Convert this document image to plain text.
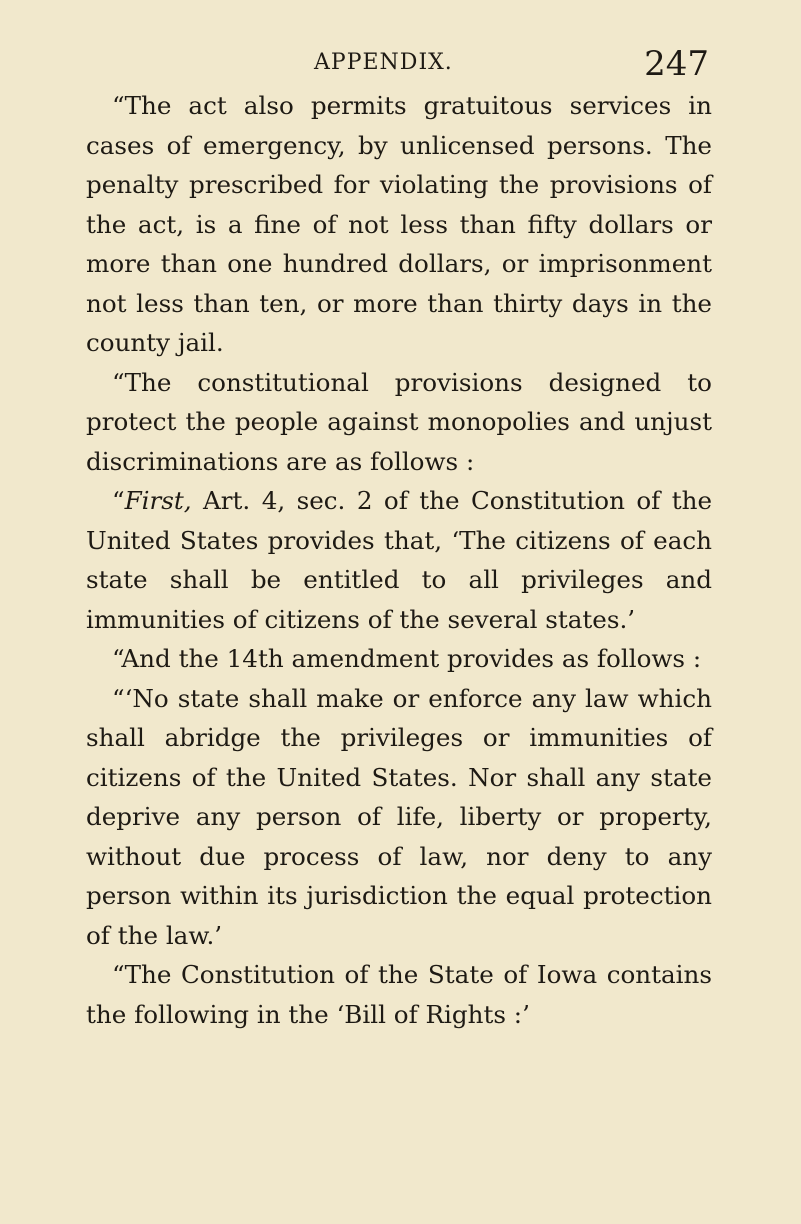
APPENDIX.	247

“The act also permits gratuitous services in cases of emergency, by unlicensed persons. The penalty prescribed for violating the provisions of the act, is a fine of not less than fifty dollars or more than one hundred dollars, or imprisonment not less than ten, or more than thirty days in the county jail.

“The constitutional provisions designed to protect the people against monopolies and unjust discriminations are as follows :

“First, Art. 4, sec. 2 of the Constitution of the United States provides that, ‘The citizens of each state shall be entitled to all privileges and immunities of citizens of the several states.’

“And the 14th amendment provides as follows :

“‘No state shall make or enforce any law which shall abridge the privileges or immunities of citizens of the United States. Nor shall any state deprive any person of life, liberty or property, without due process of law, nor deny to any person within its jurisdiction the equal protection of the law.’

“The Constitution of the State of Iowa contains the following in the ‘Bill of Rights :’
